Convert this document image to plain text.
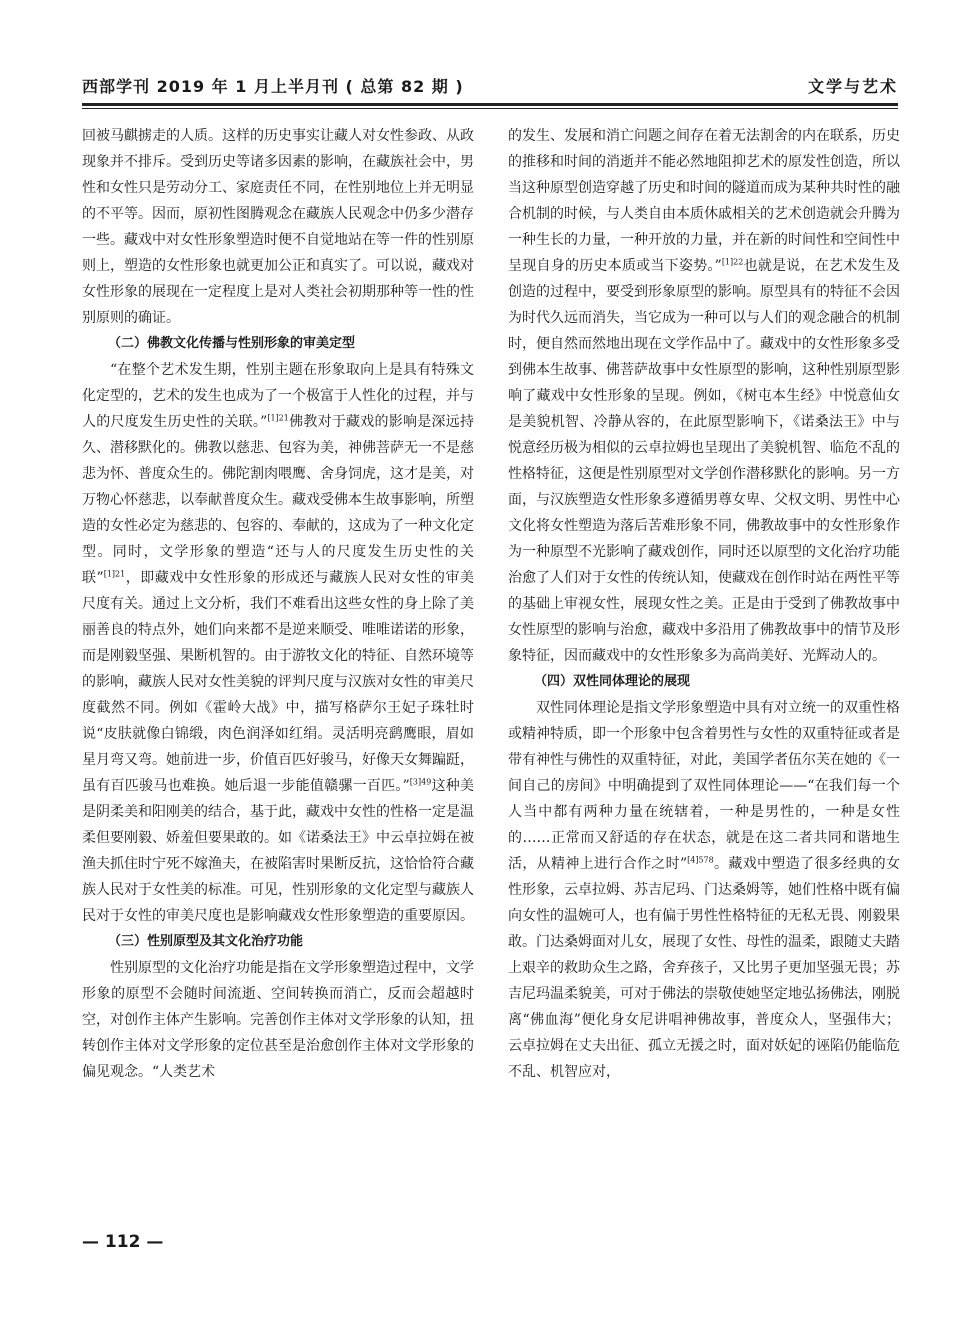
西部学刊 2019 年 1 月上半月刊 ( 总第 82 期 )	文学与艺术

回被马麒掳走的人质。这样的历史事实让藏人对女性参政、从政现象并不排斥。受到历史等诸多因素的影响，在藏族社会中，男性和女性只是劳动分工、家庭责任不同，在性别地位上并无明显的不平等。因而，原初性图腾观念在藏族人民观念中仍多少潜存一些。藏戏中对女性形象塑造时便不自觉地站在等一件的性别原则上，塑造的女性形象也就更加公正和真实了。可以说，藏戏对女性形象的展现在一定程度上是对人类社会初期那种等一性的性别原则的确证。

（二）佛教文化传播与性别形象的审美定型

“在整个艺术发生期，性别主题在形象取向上是具有特殊文化定型的，艺术的发生也成为了一个极富于人性化的过程，并与人的尺度发生历史性的关联。”$^{[1]21}$佛教对于藏戏的影响是深远持久、潜移默化的。佛教以慈悲、包容为美，神佛菩萨无一不是慈悲为怀、普度众生的。佛陀割肉喂鹰、舍身饲虎，这才是美，对万物心怀慈悲，以奉献普度众生。藏戏受佛本生故事影响，所塑造的女性必定为慈悲的、包容的、奉献的，这成为了一种文化定型。同时，文学形象的塑造“还与人的尺度发生历史性的关联”$^{[1]21}$，即藏戏中女性形象的形成还与藏族人民对女性的审美尺度有关。通过上文分析，我们不难看出这些女性的身上除了美丽善良的特点外，她们向来都不是逆来顺受、唯唯诺诺的形象，而是刚毅坚强、果断机智的。由于游牧文化的特征、自然环境等的影响，藏族人民对女性美貌的评判尺度与汉族对女性的审美尺度截然不同。例如《霍岭大战》中，描写格萨尔王妃子珠牡时说“皮肤就像白锦缎，肉色润泽如红绢。灵活明亮鹞鹰眼，眉如星月弯又弯。她前进一步，价值百匹好骏马，好像天女舞蹁跹，虽有百匹骏马也难换。她后退一步能值赣骡一百匹。”$^{[3]49}$这种美是阴柔美和阳刚美的结合，基于此，藏戏中女性的性格一定是温柔但要刚毅、娇羞但要果敢的。如《诺桑法王》中云卓拉姆在被渔夫抓住时宁死不嫁渔夫，在被陷害时果断反抗，这恰恰符合藏族人民对于女性美的标准。可见，性别形象的文化定型与藏族人民对于女性的审美尺度也是影响藏戏女性形象塑造的重要原因。

（三）性别原型及其文化治疗功能

性别原型的文化治疗功能是指在文学形象塑造过程中，文学形象的原型不会随时间流逝、空间转换而消亡，反而会超越时空，对创作主体产生影响。完善创作主体对文学形象的认知，扭转创作主体对文学形象的定位甚至是治愈创作主体对文学形象的偏见观念。“人类艺术

的发生、发展和消亡问题之间存在着无法割舍的内在联系，历史的推移和时间的消逝并不能必然地阻抑艺术的原发性创造，所以当这种原型创造穿越了历史和时间的隧道而成为某种共时性的融合机制的时候，与人类自由本质休戚相关的艺术创造就会升腾为一种生长的力量，一种开放的力量，并在新的时间性和空间性中呈现自身的历史本质或当下姿势。”$^{[1]22}$也就是说，在艺术发生及创造的过程中，要受到形象原型的影响。原型具有的特征不会因为时代久远而消失，当它成为一种可以与人们的观念融合的机制时，便自然而然地出现在文学作品中了。藏戏中的女性形象多受到佛本生故事、佛菩萨故事中女性原型的影响，这种性别原型影响了藏戏中女性形象的呈现。例如，《树屯本生经》中悦意仙女是美貌机智、冷静从容的，在此原型影响下，《诺桑法王》中与悦意经历极为相似的云卓拉姆也呈现出了美貌机智、临危不乱的性格特征，这便是性别原型对文学创作潜移默化的影响。另一方面，与汉族塑造女性形象多遵循男尊女卑、父权文明、男性中心文化将女性塑造为落后苦难形象不同，佛教故事中的女性形象作为一种原型不光影响了藏戏创作，同时还以原型的文化治疗功能治愈了人们对于女性的传统认知，使藏戏在创作时站在两性平等的基础上审视女性，展现女性之美。正是由于受到了佛教故事中女性原型的影响与治愈，藏戏中多沿用了佛教故事中的情节及形象特征，因而藏戏中的女性形象多为高尚美好、光辉动人的。

（四）双性同体理论的展现

双性同体理论是指文学形象塑造中具有对立统一的双重性格或精神特质，即一个形象中包含着男性与女性的双重特征或者是带有神性与佛性的双重特征，对此，美国学者伍尔芙在她的《一间自己的房间》中明确提到了双性同体理论——“在我们每一个人当中都有两种力量在统辖着，一种是男性的，一种是女性的……正常而又舒适的存在状态，就是在这二者共同和谐地生活，从精神上进行合作之时”$^{[4]578}$。藏戏中塑造了很多经典的女性形象，云卓拉姆、苏吉尼玛、门达桑姆等，她们性格中既有偏向女性的温婉可人，也有偏于男性性格特征的无私无畏、刚毅果敢。门达桑姆面对儿女，展现了女性、母性的温柔，跟随丈夫踏上艰辛的救助众生之路，舍弃孩子，又比男子更加坚强无畏；苏吉尼玛温柔貌美，可对于佛法的崇敬使她坚定地弘扬佛法，刚脱离“佛血海”便化身女尼讲唱神佛故事，普度众人，坚强伟大；云卓拉姆在丈夫出征、孤立无援之时，面对妖妃的诬陷仍能临危不乱、机智应对，

— 112 —
